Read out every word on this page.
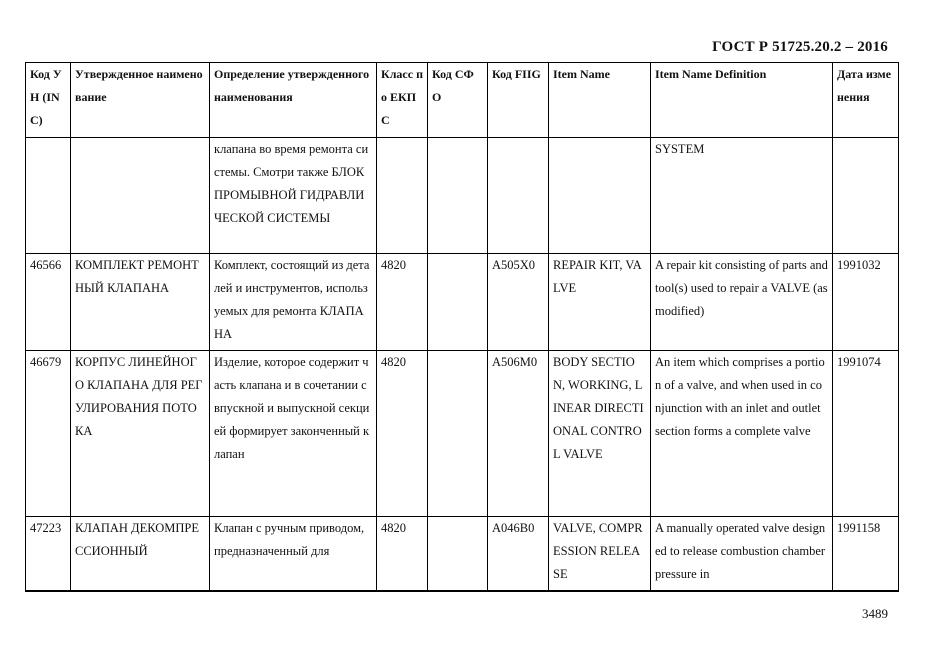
ГОСТ Р 51725.20.2 – 2016
Код УН (INC)	Утвержденное наименование	Определение утвержденного наименования	Класс по ЕКПС	Код СФО	Код FIIG	Item Name	Item Name Definition	Дата изменения
		клапана во время ремонта системы. Смотри также БЛОК ПРОМЫВНОЙ ГИДРАВЛИЧЕСКОЙ СИСТЕМЫ					SYSTEM	
46566	КОМПЛЕКТ РЕМОНТНЫЙ КЛАПАНА	Комплект, состоящий из деталей и инструментов, используемых для ремонта КЛАПАНА	4820		A505X0	REPAIR KIT, VALVE	A repair kit consisting of parts and tool(s) used to repair a VALVE (as modified)	1991032
46679	КОРПУС ЛИНЕЙНОГО КЛАПАНА ДЛЯ РЕГУЛИРОВАНИЯ ПОТОКА	Изделие, которое содержит часть клапана и в сочетании с впускной и выпускной секцией формирует законченный клапан	4820		A506M0	BODY SECTION, WORKING, LINEAR DIRECTIONAL CONTROL VALVE	An item which comprises a portion of a valve, and when used in conjunction with an inlet and outlet section forms a complete valve	1991074
47223	КЛАПАН ДЕКОМПРЕССИОННЫЙ	Клапан с ручным приводом, предназначенный для	4820		A046B0	VALVE, COMPRESSION RELEASE	A manually operated valve designed to release combustion chamber pressure in	1991158
3489
